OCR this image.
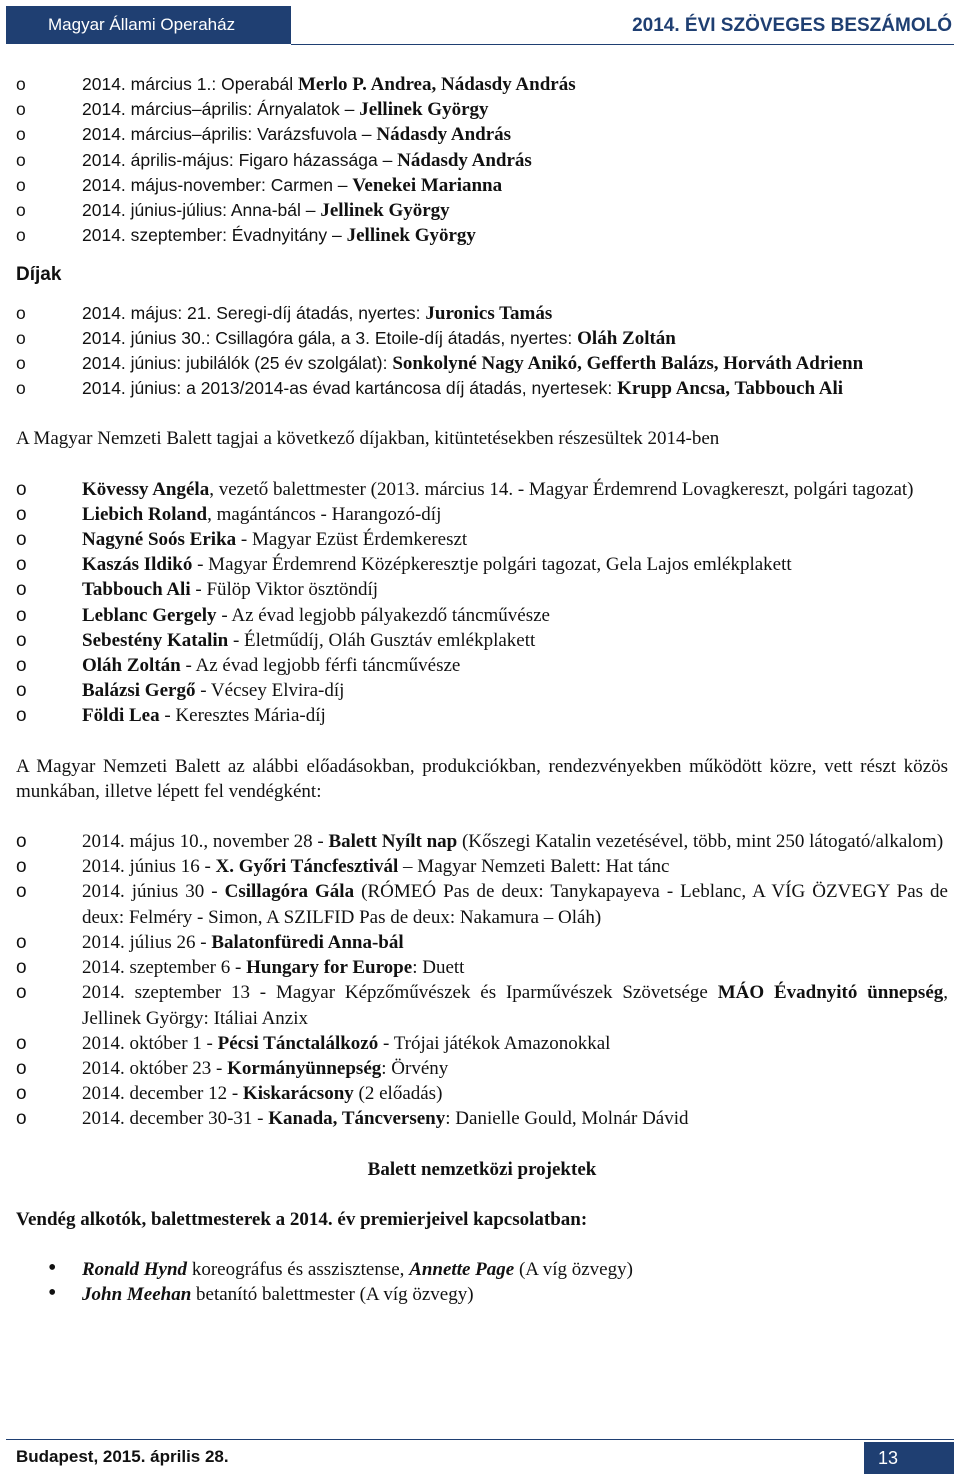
Magyar Állami Operaház	2014. ÉVI SZÖVEGES BESZÁMOLÓ
o 2014. március 1.: Operabál Merlo P. Andrea, Nádasdy András
o 2014. március–április: Árnyalatok – Jellinek György
o 2014. március–április: Varázsfuvola – Nádasdy András
o 2014. április-május: Figaro házassága – Nádasdy András
o 2014. május-november: Carmen – Venekei Marianna
o 2014. június-július: Anna-bál – Jellinek György
o 2014. szeptember: Évadnyitány – Jellinek György
Díjak
o 2014. május: 21. Seregi-díj átadás, nyertes: Juronics Tamás
o 2014. június 30.: Csillagóra gála, a 3. Etoile-díj átadás, nyertes: Oláh Zoltán
o 2014. június: jubilálók (25 év szolgálat): Sonkolyné Nagy Anikó, Gefferth Balázs, Horváth Adrienn
o 2014. június: a 2013/2014-as évad kartáncosa díj átadás, nyertesek: Krupp Ancsa, Tabbouch Ali

A Magyar Nemzeti Balett tagjai a következő díjakban, kitüntetésekben részesültek 2014-ben

o Kövessy Angéla, vezető balettmester (2013. március 14. - Magyar Érdemrend Lovagkereszt, polgári tagozat)
o Liebich Roland, magántáncos - Harangozó-díj
o Nagyné Soós Erika - Magyar Ezüst Érdemkereszt
o Kaszás Ildikó - Magyar Érdemrend Középkeresztje polgári tagozat, Gela Lajos emlékplakett
o Tabbouch Ali - Fülöp Viktor ösztöndíj
o Leblanc Gergely - Az évad legjobb pályakezdő táncművésze
o Sebestény Katalin - Életműdíj, Oláh Gusztáv emlékplakett
o Oláh Zoltán - Az évad legjobb férfi táncművésze
o Balázsi Gergő - Vécsey Elvira-díj
o Földi Lea - Keresztes Mária-díj

A Magyar Nemzeti Balett az alábbi előadásokban, produkciókban, rendezvényekben működött közre, vett részt közös munkában, illetve lépett fel vendégként:

o 2014. május 10., november 28 - Balett Nyílt nap (Kőszegi Katalin vezetésével, több, mint 250 látogató/alkalom)
o 2014. június 16 - X. Győri Táncfesztivál – Magyar Nemzeti Balett: Hat tánc
o 2014. június 30 - Csillagóra Gála (RÓMEÓ Pas de deux: Tanykapayeva - Leblanc, A VÍG ÖZVEGY Pas de deux: Felméry - Simon, A SZILFID Pas de deux: Nakamura – Oláh)
o 2014. július 26 - Balatonfüredi Anna-bál
o 2014. szeptember 6 - Hungary for Europe: Duett
o 2014. szeptember 13 - Magyar Képzőművészek és Iparművészek Szövetsége MÁO Évadnyitó ünnepség, Jellinek György: Itáliai Anzix
o 2014. október 1 - Pécsi Tánctalálkozó - Trójai játékok Amazonokkal
o 2014. október 23 - Kormányünnepség: Örvény
o 2014. december 12 - Kiskarácsony (2 előadás)
o 2014. december 30-31 - Kanada, Táncverseny: Danielle Gould, Molnár Dávid

Balett nemzetközi projektek

Vendég alkotók, balettmesterek a 2014. év premierjeivel kapcsolatban:

• Ronald Hynd koreográfus és asszisztense, Annette Page (A víg özvegy)
• John Meehan betanító balettmester (A víg özvegy)
Budapest, 2015. április 28.	13
